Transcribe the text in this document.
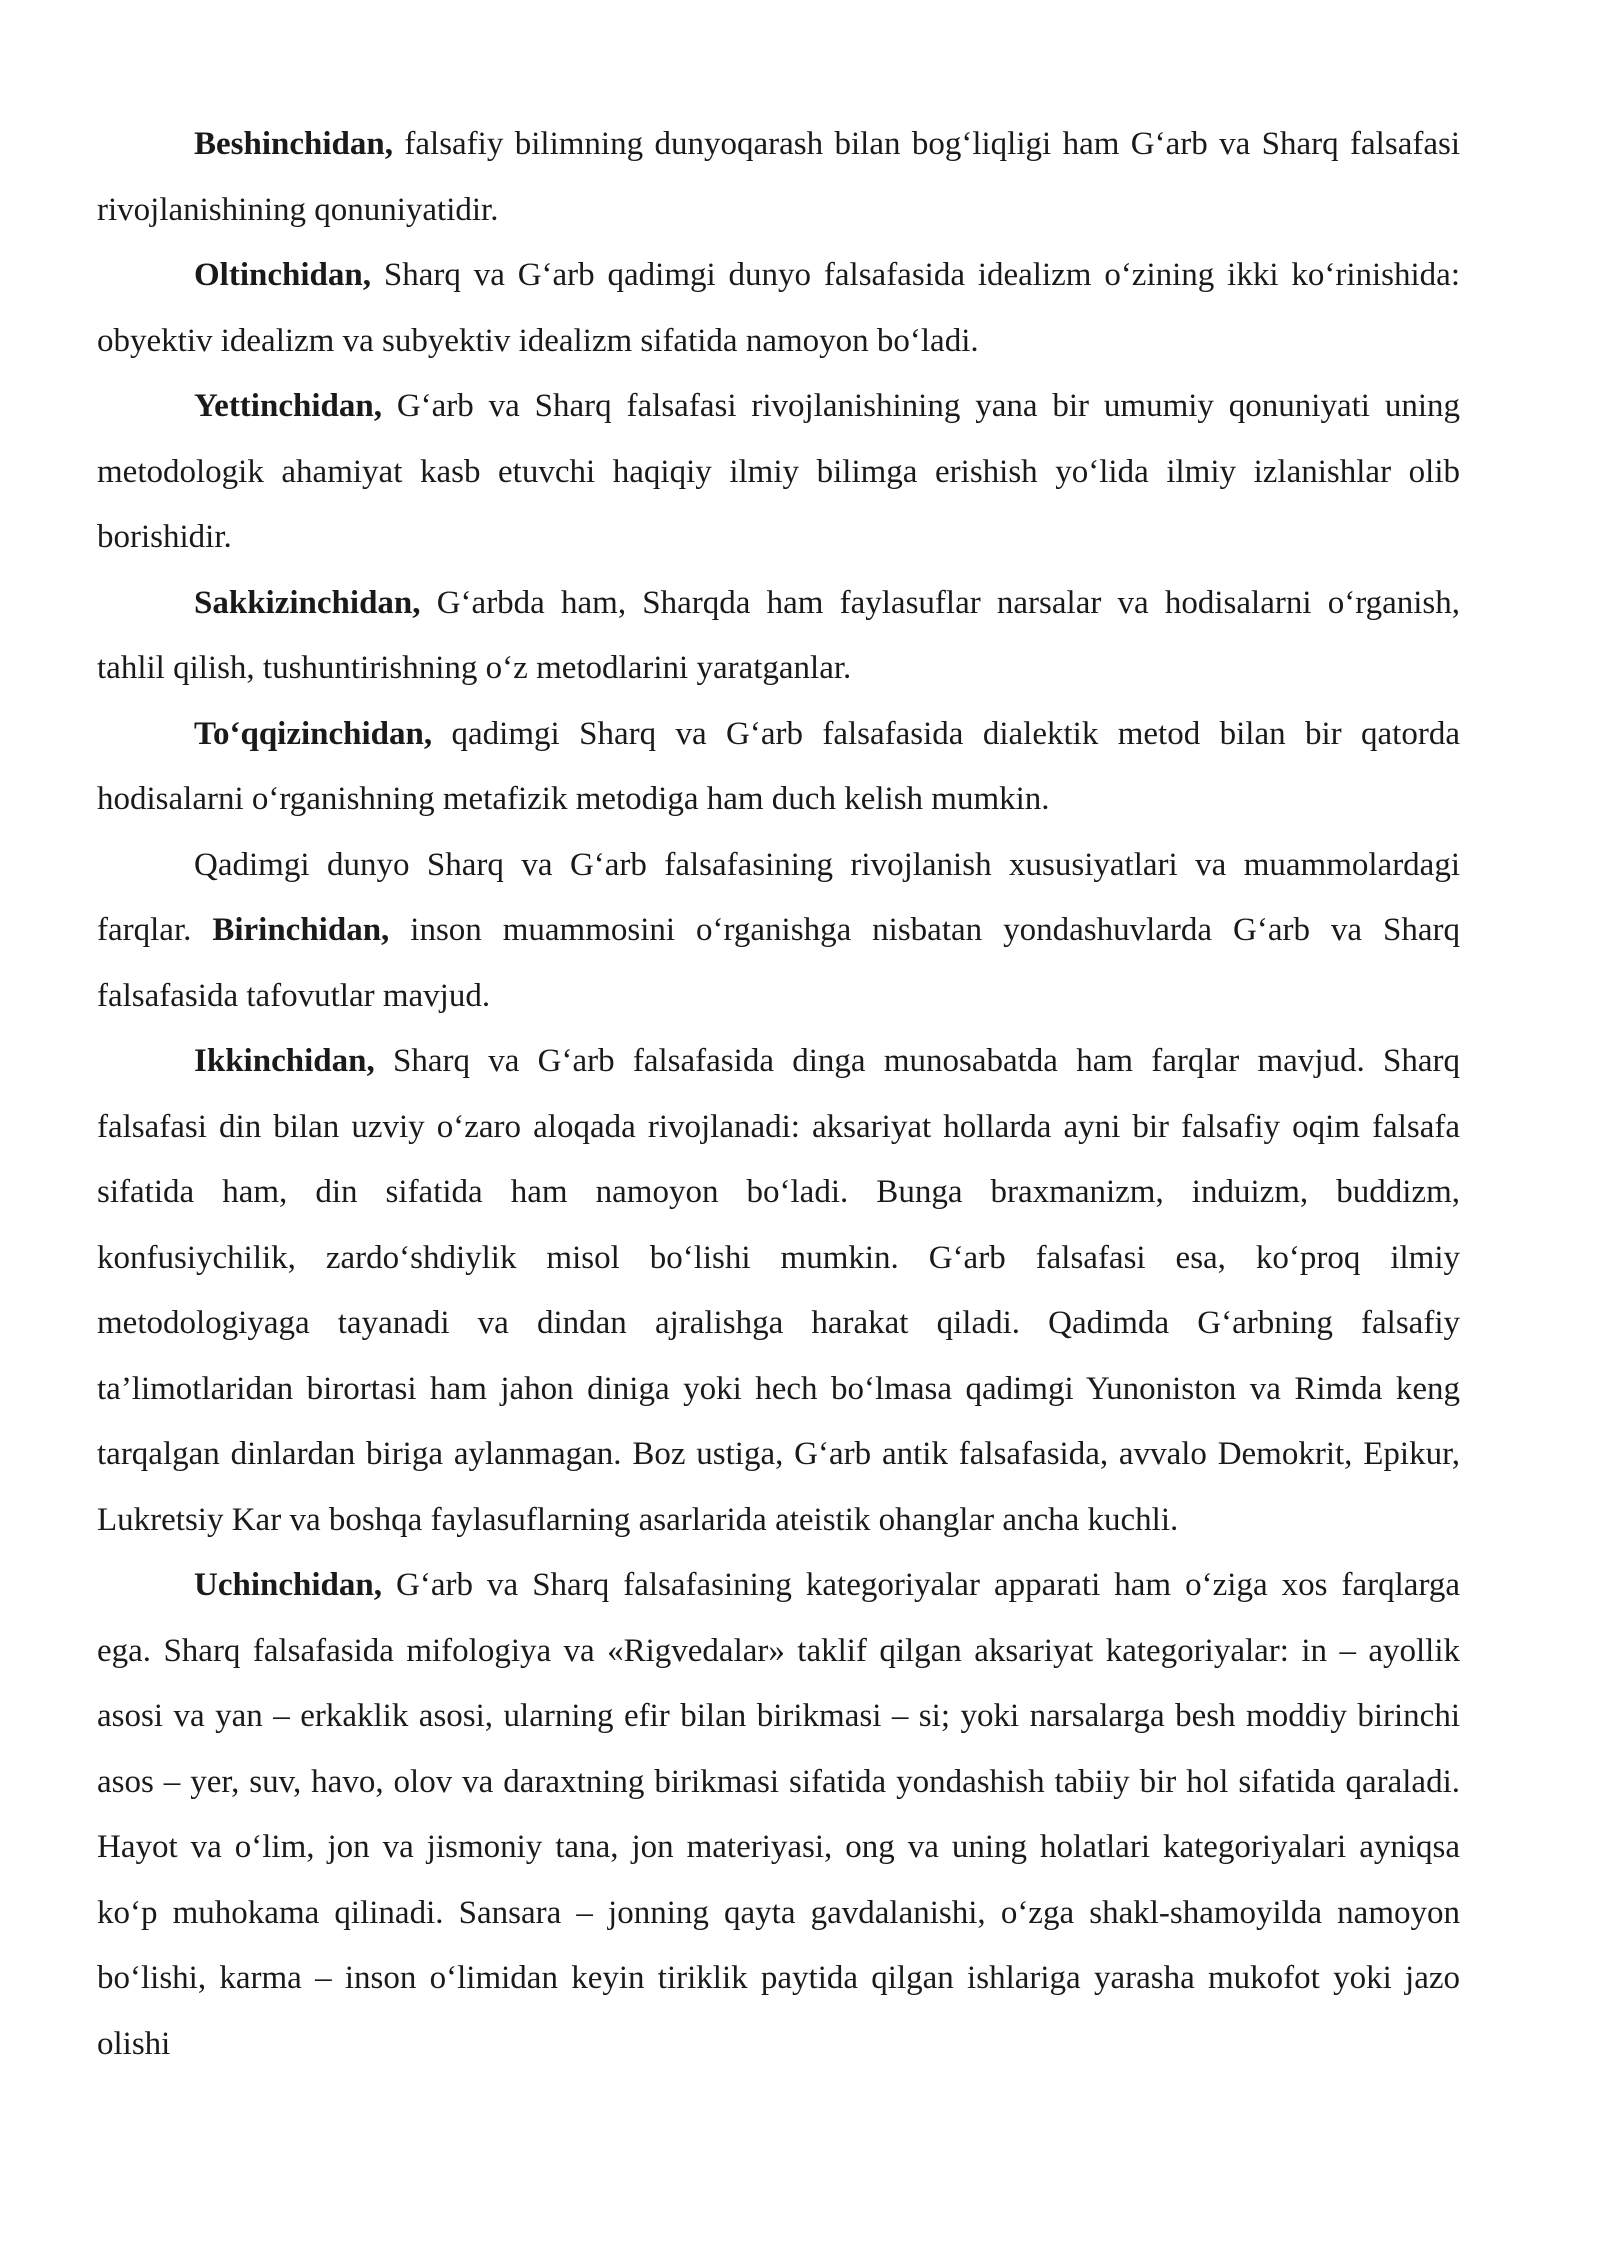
Beshinchidan, falsafiy bilimning dunyoqarash bilan bog‘liqligi ham G‘arb va Sharq falsafasi rivojlanishining qonuniyatidir.

Oltinchidan, Sharq va G‘arb qadimgi dunyo falsafasida idealizm o‘zining ikki ko‘rinishida: obyektiv idealizm va subyektiv idealizm sifatida namoyon bo‘ladi.

Yettinchidan, G‘arb va Sharq falsafasi rivojlanishining yana bir umumiy qonuniyati uning metodologik ahamiyat kasb etuvchi haqiqiy ilmiy bilimga erishish yo‘lida ilmiy izlanishlar olib borishidir.

Sakkizinchidan, G‘arbda ham, Sharqda ham faylasuflar narsalar va hodisalarni o‘rganish, tahlil qilish, tushuntirishning o‘z metodlarini yaratganlar.

To‘qqizinchidan, qadimgi Sharq va G‘arb falsafasida dialektik metod bilan bir qatorda hodisalarni o‘rganishning metafizik metodiga ham duch kelish mumkin.

Qadimgi dunyo Sharq va G‘arb falsafasining rivojlanish xususiyatlari va muammolardagi farqlar. Birinchidan, inson muammosini o‘rganishga nisbatan yondashuvlarda G‘arb va Sharq falsafasida tafovutlar mavjud.

Ikkinchidan, Sharq va G‘arb falsafasida dinga munosabatda ham farqlar mavjud. Sharq falsafasi din bilan uzviy o‘zaro aloqada rivojlanadi: aksariyat hollarda ayni bir falsafiy oqim falsafa sifatida ham, din sifatida ham namoyon bo‘ladi. Bunga braxmanizm, induizm, buddizm, konfusiychilik, zardo‘shdiylik misol bo‘lishi mumkin. G‘arb falsafasi esa, ko‘proq ilmiy metodologiyaga tayanadi va dindan ajralishga harakat qiladi. Qadimda G‘arbning falsafiy ta’limotlaridan birortasi ham jahon diniga yoki hech bo‘lmasa qadimgi Yunoniston va Rimda keng tarqalgan dinlardan biriga aylanmagan. Boz ustiga, G‘arb antik falsafasida, avvalo Demokrit, Epikur, Lukretsiy Kar va boshqa faylasuflarning asarlarida ateistik ohanglar ancha kuchli.

Uchinchidan, G‘arb va Sharq falsafasining kategoriyalar apparati ham o‘ziga xos farqlarga ega. Sharq falsafasida mifologiya va «Rigvedalar» taklif qilgan aksariyat kategoriyalar: in – ayollik asosi va yan – erkaklik asosi, ularning efir bilan birikmasi – si; yoki narsalarga besh moddiy birinchi asos – yer, suv, havo, olov va daraxtning birikmasi sifatida yondashish tabiiy bir hol sifatida qaraladi. Hayot va o‘lim, jon va jismoniy tana, jon materiyasi, ong va uning holatlari kategoriyalari ayniqsa ko‘p muhokama qilinadi. Sansara – jonning qayta gavdalanishi, o‘zga shakl-shamoyilda namoyon bo‘lishi, karma – inson o‘limidan keyin tiriklik paytida qilgan ishlariga yarasha mukofot yoki jazo olishi
